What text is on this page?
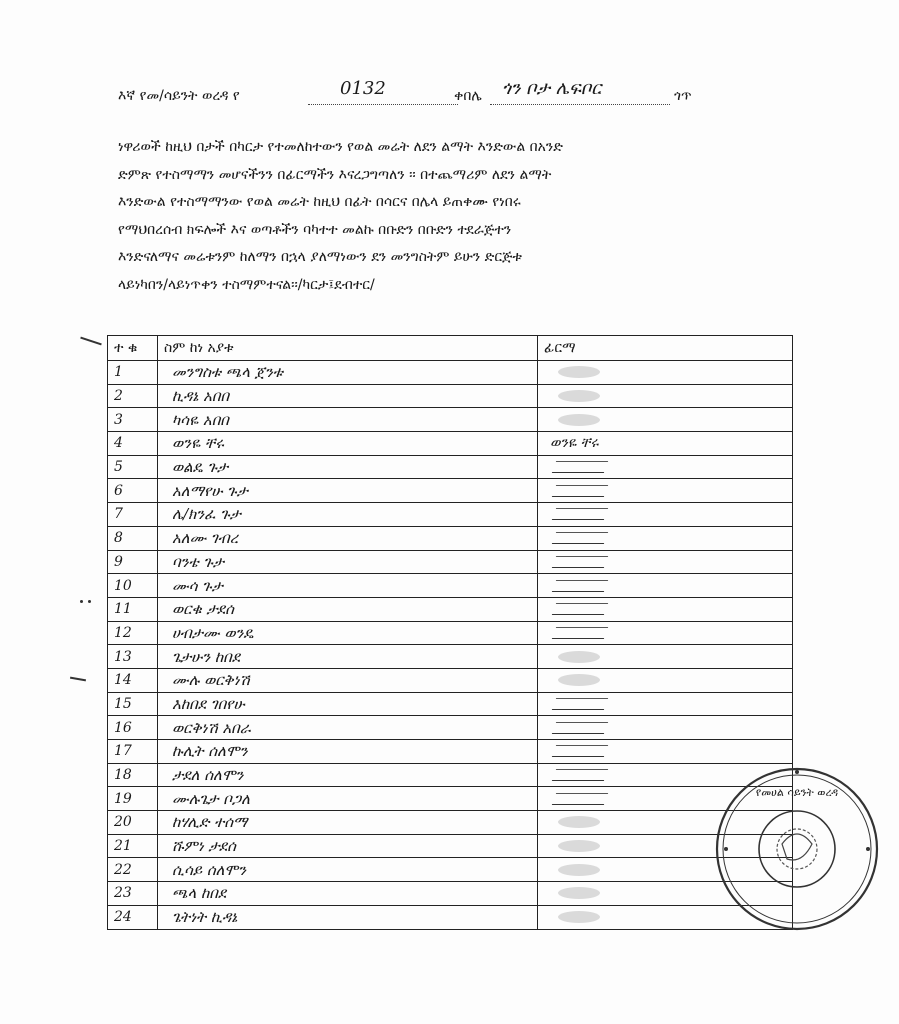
እኛ የመ/ሳይንት ወረዳ የ	0132	ቀበሌ ጎን ቦታ ሌፍቦር	ጎጥ
ነዋሪወች ከዚህ በታች በካርታ የተመለከተውን የወል መሬት ለደን ልማት እንድውል በአንድ
ድምጽ የተስማማን መሆናችንን በፊርማችን እናረጋግጣለን ፡፡ በተጨማሪም ለደን ልማት
እንድውል የተስማማንው የወል መሬት ከዚህ በፊት በሳርና በሌላ ይጠቀሙ የነበሩ
የማህበረሰብ ክፍሎች እና ወጣቶችን ባካተተ መልኩ በቡድን በቡድን ተደራጅተን
እንድናለማና መሬቱንም ከለማን በኋላ ያለማነውን ደን መንግስትም ይሁን ድርጅቱ
ላይነካበን/ላይነጥቀን ተስማምተናል፡፡/ካርታ፤ደብተር/
ተ ቁ	ስም ከነ አያቱ	ፊርማ
1	መንግስቱ ጫላ ጀንቱ	
2	ኪዳኔ አበበ	
3	ካሳዬ አበበ	
4	ወንዬ ቸሩ	ወንዬ ቸሩ
5	ወልዴ ጉታ	
6	አለማየሁ ጉታ	
7	ሌ/ክንፈ ጉታ	
8	አለሙ ገብረ	
9	ባንቴ ጉታ	
10	ሙሳ ጉታ	
11	ወርቁ ታደሰ	
12	ሀብታሙ ወንዴ	
13	ጌታሁን ከበደ	
14	ሙሉ ወርቅነሽ	
15	እከበደ ገበየሁ	
16	ወርቅነሽ አበራ	
17	ኩሊት ሰለሞን	
18	ታደለ ሰለሞን	
19	ሙሉጌታ ቦጋለ	
20	ከሃሊድ ተሰማ	
21	ሹምነ ታደሰ	
22	ሲሳይ ሰለሞን	
23	ጫላ ከበደ	
24	ጌትነት ኪዳኔ	
የመሀል ሳይንት ወረዳ
